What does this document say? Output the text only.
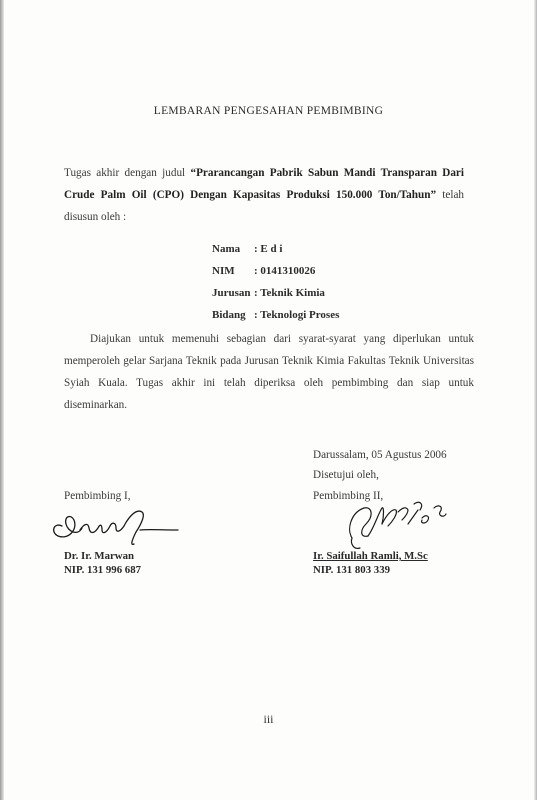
LEMBARAN PENGESAHAN PEMBIMBING
Tugas akhir dengan judul “Prarancangan Pabrik Sabun Mandi Transparan Dari Crude Palm Oil (CPO) Dengan Kapasitas Produksi 150.000 Ton/Tahun” telah disusun oleh :
Nama	: E d i
NIM	: 0141310026
Jurusan : Teknik Kimia
Bidang : Teknologi Proses
Diajukan untuk memenuhi sebagian dari syarat-syarat yang diperlukan untuk memperoleh gelar Sarjana Teknik pada Jurusan Teknik Kimia Fakultas Teknik Universitas Syiah Kuala. Tugas akhir ini telah diperiksa oleh pembimbing dan siap untuk diseminarkan.
Darussalam, 05 Agustus 2006
Disetujui oleh,
Pembimbing I,	Pembimbing II,
Dr. Ir. Marwan
NIP. 131 996 687
Ir. Saifullah Ramli, M.Sc
NIP. 131 803 339
iii
